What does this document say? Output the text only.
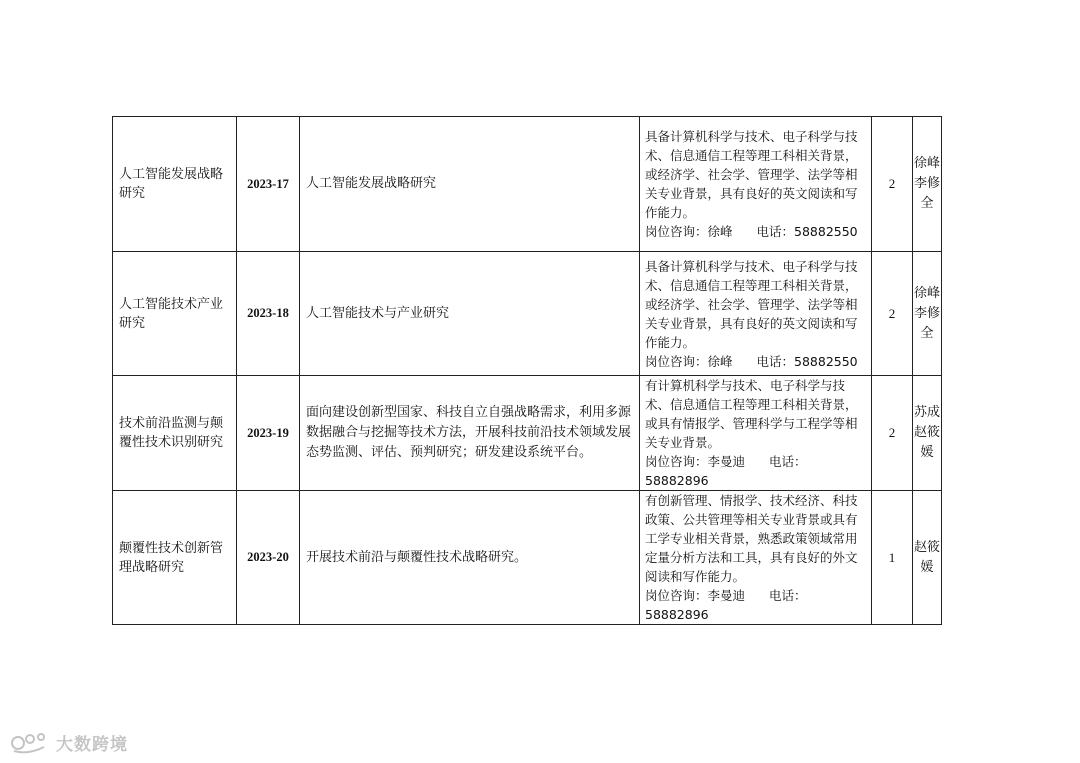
人工智能发展战略研究	2023-17	人工智能发展战略研究	具备计算机科学与技术、电子科学与技术、信息通信工程等理工科相关背景，或经济学、社会学、管理学、法学等相关专业背景，具有良好的英文阅读和写作能力。
岗位咨询：徐峰 电话：58882550	2	徐峰
李修全

人工智能技术产业研究	2023-18	人工智能技术与产业研究	具备计算机科学与技术、电子科学与技术、信息通信工程等理工科相关背景，或经济学、社会学、管理学、法学等相关专业背景，具有良好的英文阅读和写作能力。
岗位咨询：徐峰 电话：58882550	2	徐峰
李修全

技术前沿监测与颠覆性技术识别研究	2023-19	面向建设创新型国家、科技自立自强战略需求，利用多源数据融合与挖掘等技术方法，开展科技前沿技术领域发展态势监测、评估、预判研究；研发建设系统平台。	有计算机科学与技术、电子科学与技术、信息通信工程等理工科相关背景，或具有情报学、管理科学与工程学等相关专业背景。
岗位咨询：李曼迪 电话：58882896	2	苏成
赵筱媛

颠覆性技术创新管理战略研究	2023-20	开展技术前沿与颠覆性技术战略研究。	有创新管理、情报学、技术经济、科技政策、公共管理等相关专业背景或具有工学专业相关背景，熟悉政策领域常用定量分析方法和工具，具有良好的外文阅读和写作能力。
岗位咨询：李曼迪 电话：58882896	1	赵筱媛
大数跨境
